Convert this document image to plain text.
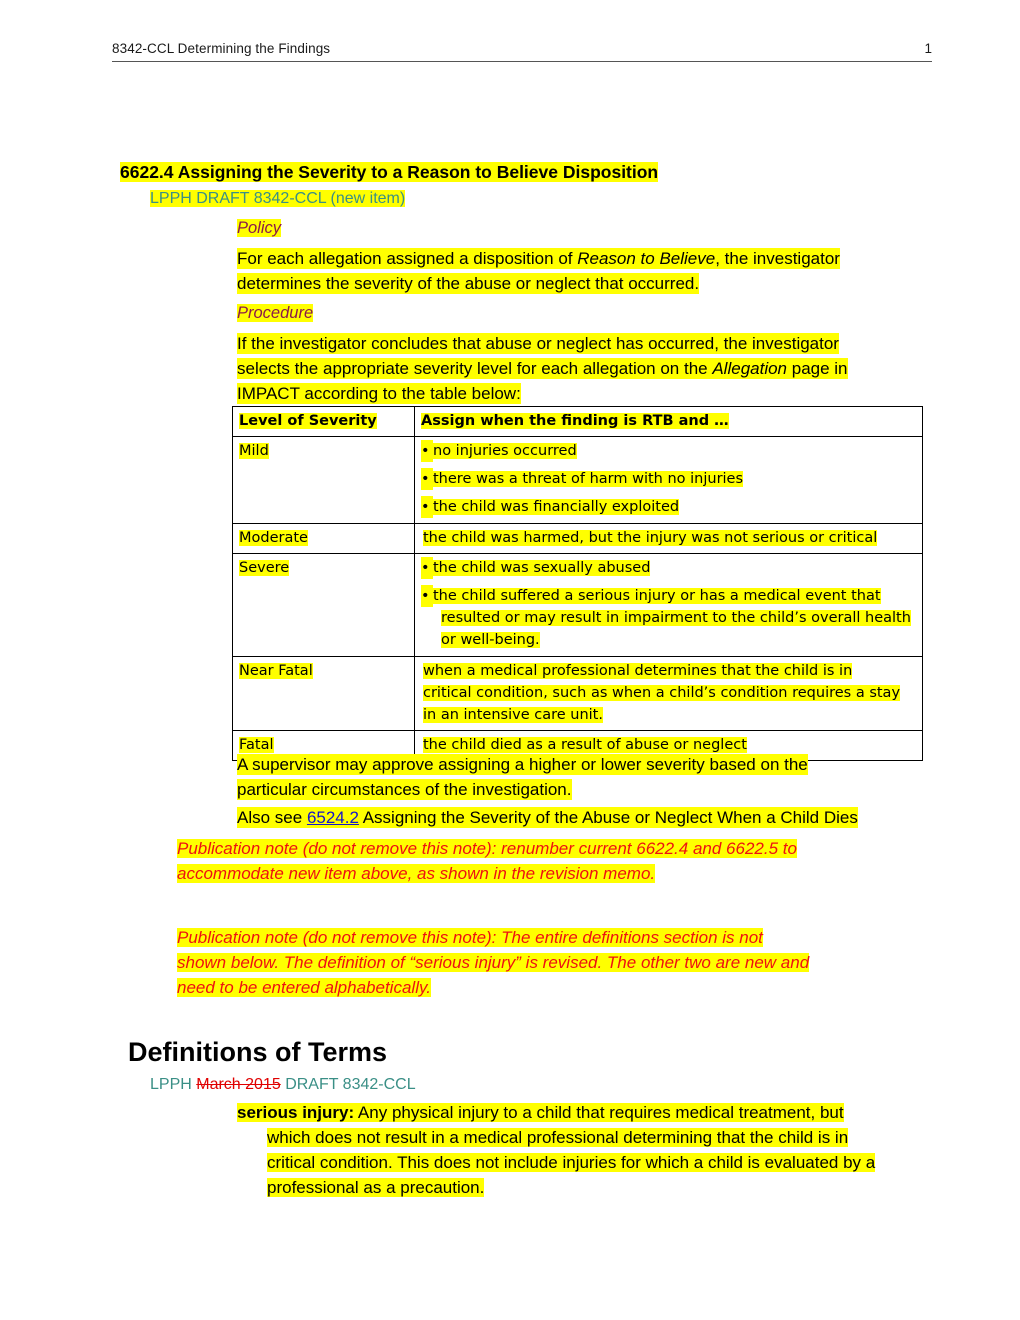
8342-CCL Determining the Findings	1
6622.4 Assigning the Severity to a Reason to Believe Disposition
LPPH DRAFT 8342-CCL (new item)
Policy
For each allegation assigned a disposition of Reason to Believe, the investigator
determines the severity of the abuse or neglect that occurred.
Procedure
If the investigator concludes that abuse or neglect has occurred, the investigator
selects the appropriate severity level for each allegation on the Allegation page in
IMPACT according to the table below:
Level of Severity	Assign when the finding is RTB and …
Mild	• no injuries occurred
• there was a threat of harm with no injuries
• the child was financially exploited

Moderate	the child was harmed, but the injury was not serious or critical

Severe	• the child was sexually abused
• the child suffered a serious injury or has a medical event that resulted or may result in impairment to the child’s overall health or well-being.

Near Fatal	when a medical professional determines that the child is in
critical condition, such as when a child’s condition requires a stay
in an intensive care unit.

Fatal	the child died as a result of abuse or neglect
A supervisor may approve assigning a higher or lower severity based on the
particular circumstances of the investigation.
Also see 6524.2 Assigning the Severity of the Abuse or Neglect When a Child Dies
Publication note (do not remove this note): renumber current 6622.4 and 6622.5 to accommodate new item above, as shown in the revision memo.
Publication note (do not remove this note): The entire definitions section is not shown below. The definition of “serious injury” is revised. The other two are new and need to be entered alphabetically.
Definitions of Terms
LPPH March 2015 DRAFT 8342-CCL
serious injury: Any physical injury to a child that requires medical treatment, but
which does not result in a medical professional determining that the child is in
critical condition. This does not include injuries for which a child is evaluated by a
professional as a precaution.
